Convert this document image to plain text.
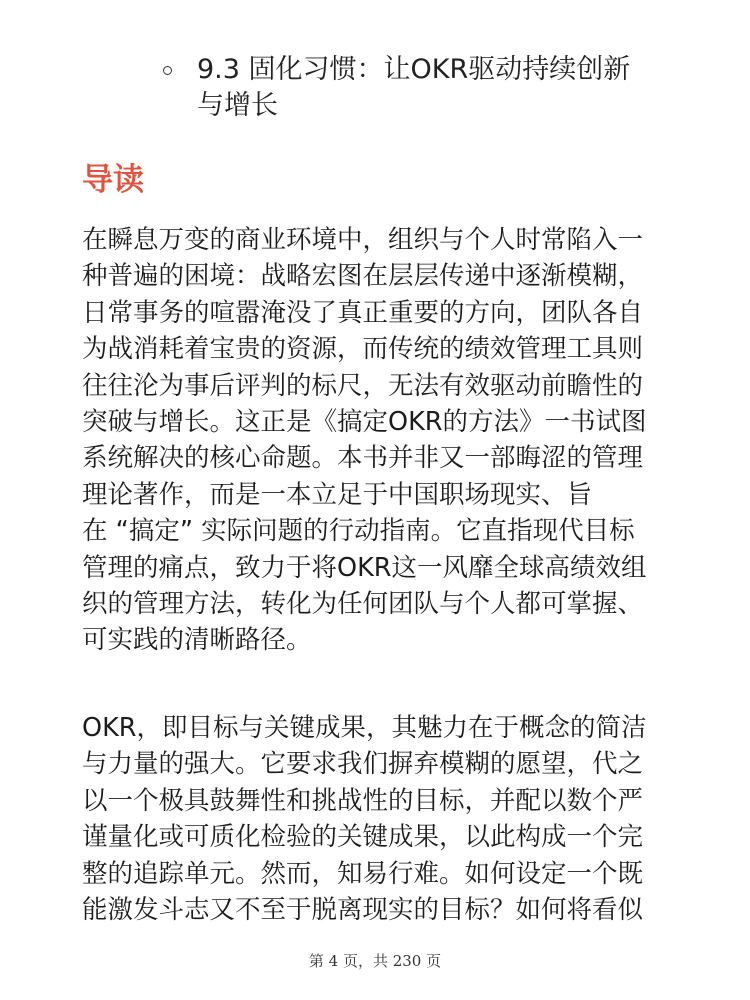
9.3 固化习惯：让OKR驱动持续创新与增长
导读

在瞬息万变的商业环境中，组织与个人时常陷入一
种普遍的困境：战略宏图在层层传递中逐渐模糊，
日常事务的喧嚣淹没了真正重要的方向，团队各自
为战消耗着宝贵的资源，而传统的绩效管理工具则
往往沦为事后评判的标尺，无法有效驱动前瞻性的
突破与增长。这正是《搞定OKR的方法》一书试图
系统解决的核心命题。本书并非又一部晦涩的管理
理论著作，而是一本立足于中国职场现实、旨
在 “搞定” 实际问题的行动指南。它直指现代目标
管理的痛点，致力于将OKR这一风靡全球高绩效组
织的管理方法，转化为任何团队与个人都可掌握、
可实践的清晰路径。

OKR，即目标与关键成果，其魅力在于概念的简洁
与力量的强大。它要求我们摒弃模糊的愿望，代之
以一个极具鼓舞性和挑战性的目标，并配以数个严
谨量化或可质化检验的关键成果，以此构成一个完
整的追踪单元。然而，知易行难。如何设定一个既
能激发斗志又不至于脱离现实的目标？如何将看似

第 4 页，共 230 页
